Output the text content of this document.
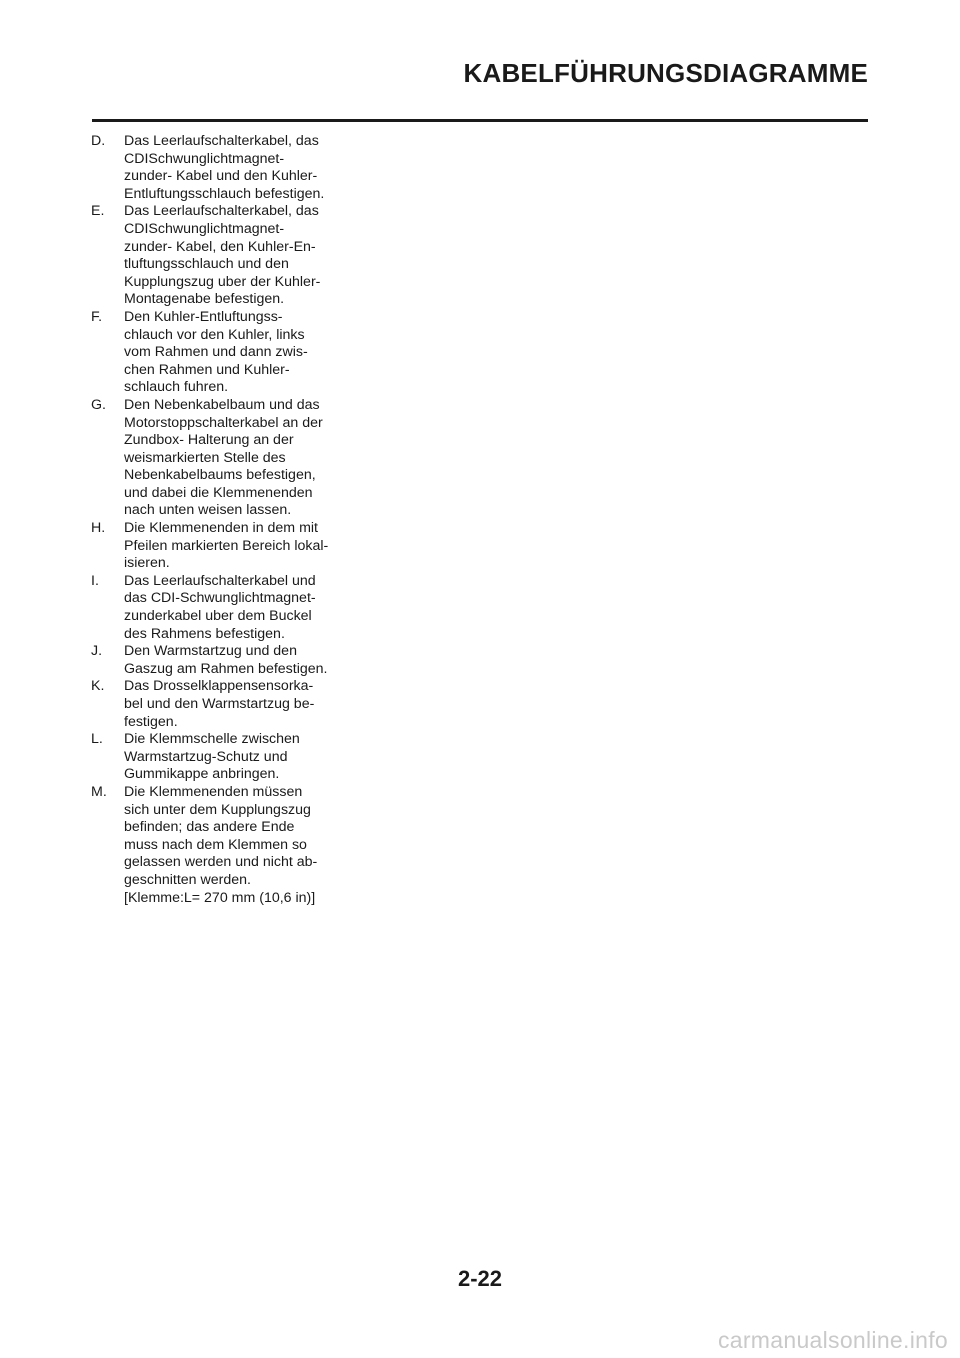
KABELFÜHRUNGSDIAGRAMME
D.	Das Leerlaufschalterkabel, das
CDISchwunglichtmagnet-
zunder- Kabel und den Kuhler-
Entluftungsschlauch befestigen.
E.	Das Leerlaufschalterkabel, das
CDISchwunglichtmagnet-
zunder- Kabel, den Kuhler-En-
tluftungsschlauch und den
Kupplungszug uber der Kuhler-
Montagenabe befestigen.
F.	Den Kuhler-Entluftungss-
chlauch vor den Kuhler, links
vom Rahmen und dann zwis-
chen Rahmen und Kuhler-
schlauch fuhren.
G.	Den Nebenkabelbaum und das
Motorstoppschalterkabel an der
Zundbox- Halterung an der
weismarkierten Stelle des
Nebenkabelbaums befestigen,
und dabei die Klemmenenden
nach unten weisen lassen.
H.	Die Klemmenenden in dem mit
Pfeilen markierten Bereich lokal-
isieren.
I.	Das Leerlaufschalterkabel und
das CDI-Schwunglichtmagnet-
zunderkabel uber dem Buckel
des Rahmens befestigen.
J.	Den Warmstartzug und den
Gaszug am Rahmen befestigen.
K.	Das Drosselklappensensorka-
bel und den Warmstartzug be-
festigen.
L.	Die Klemmschelle zwischen
Warmstartzug-Schutz und
Gummikappe anbringen.
M.	Die Klemmenenden müssen
sich unter dem Kupplungszug
befinden; das andere Ende
muss nach dem Klemmen so
gelassen werden und nicht ab-
geschnitten werden.
[Klemme:L= 270 mm (10,6 in)]

2-22

carmanualsonline.info
